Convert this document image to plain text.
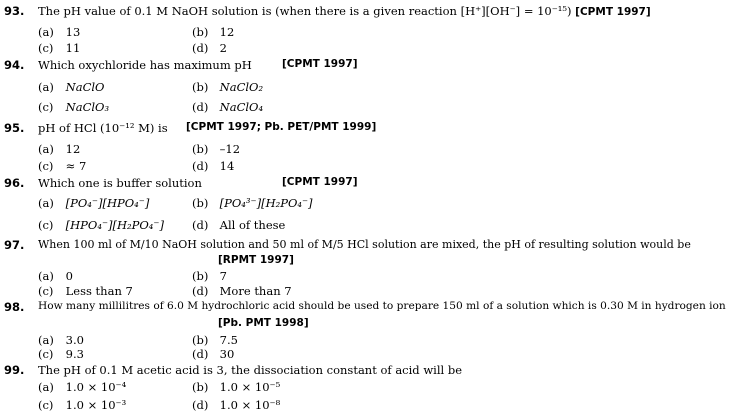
93. The pH value of 0.1 M NaOH solution is (when there is a given reaction [H⁺][OH⁻] = 10⁻¹⁵) [CPMT 1997]
(a) 13	(b) 12
(c) 11	(d) 2
94. Which oxychloride has maximum pH	[CPMT 1997]
(a) NaClO	(b) NaClO₂
(c) NaClO₃	(d) NaClO₄
95. pH of HCl (10⁻¹² M) is [CPMT 1997; Pb. PET/PMT 1999]
(a) 12	(b) –12
(c) ≈ 7	(d) 14
96. Which one is buffer solution	[CPMT 1997]
(a) [PO₄⁻][HPO₄⁻]	(b) [PO₄³⁻][H₂PO₄⁻]
(c) [HPO₄⁻][H₂PO₄⁻] (d) All of these
97. When 100 ml of M/10 NaOH solution and 50 ml of M/5 HCl solution are mixed, the pH of resulting solution would be
[RPMT 1997]
(a) 0	(b) 7
(c) Less than 7	(d) More than 7
98. How many millilitres of 6.0 M hydrochloric acid should be used to prepare 150 ml of a solution which is 0.30 M in hydrogen ion
[Pb. PMT 1998]
(a) 3.0	(b) 7.5
(c) 9.3	(d) 30
99. The pH of 0.1 M acetic acid is 3, the dissociation constant of acid will be
(a) 1.0 × 10⁻⁴	(b) 1.0 × 10⁻⁵
(c) 1.0 × 10⁻³	(d) 1.0 × 10⁻⁸
